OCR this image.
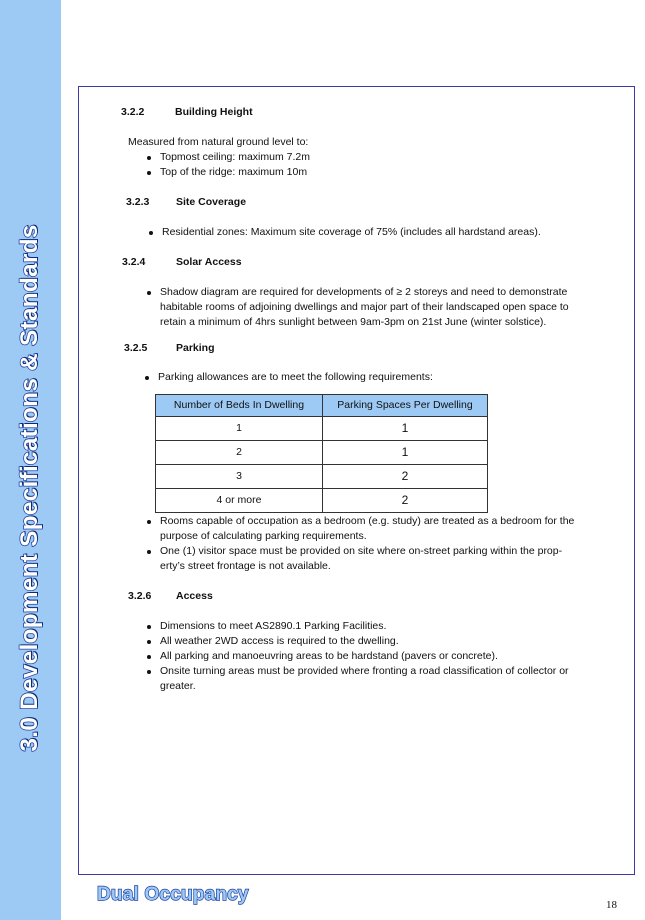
3.0 Development Specifications & Standards
3.2.2	Building Height
Measured from natural ground level to:
Topmost ceiling: maximum 7.2m
Top of the ridge: maximum 10m
3.2.3	Site Coverage
Residential zones: Maximum site coverage of 75% (includes all hardstand areas).
3.2.4	Solar Access
Shadow diagram are required for developments of ≥ 2 storeys and need to demonstrate
habitable rooms of adjoining dwellings and major part of their landscaped open space to
retain a minimum of 4hrs sunlight between 9am-3pm on 21st June (winter solstice).
3.2.5	Parking
Parking allowances are to meet the following requirements:
Number of Beds In Dwelling	Parking Spaces Per Dwelling
1	1
2	1
3	2
4 or more	2
Rooms capable of occupation as a bedroom (e.g. study) are treated as a bedroom for the
purpose of calculating parking requirements.
One (1) visitor space must be provided on site where on-street parking within the prop-
erty’s street frontage is not available.
3.2.6 Access
Dimensions to meet AS2890.1 Parking Facilities.
All weather 2WD access is required to the dwelling.
All parking and manoeuvring areas to be hardstand (pavers or concrete).
Onsite turning areas must be provided where fronting a road classification of collector or
greater.
Dual Occupancy	18
